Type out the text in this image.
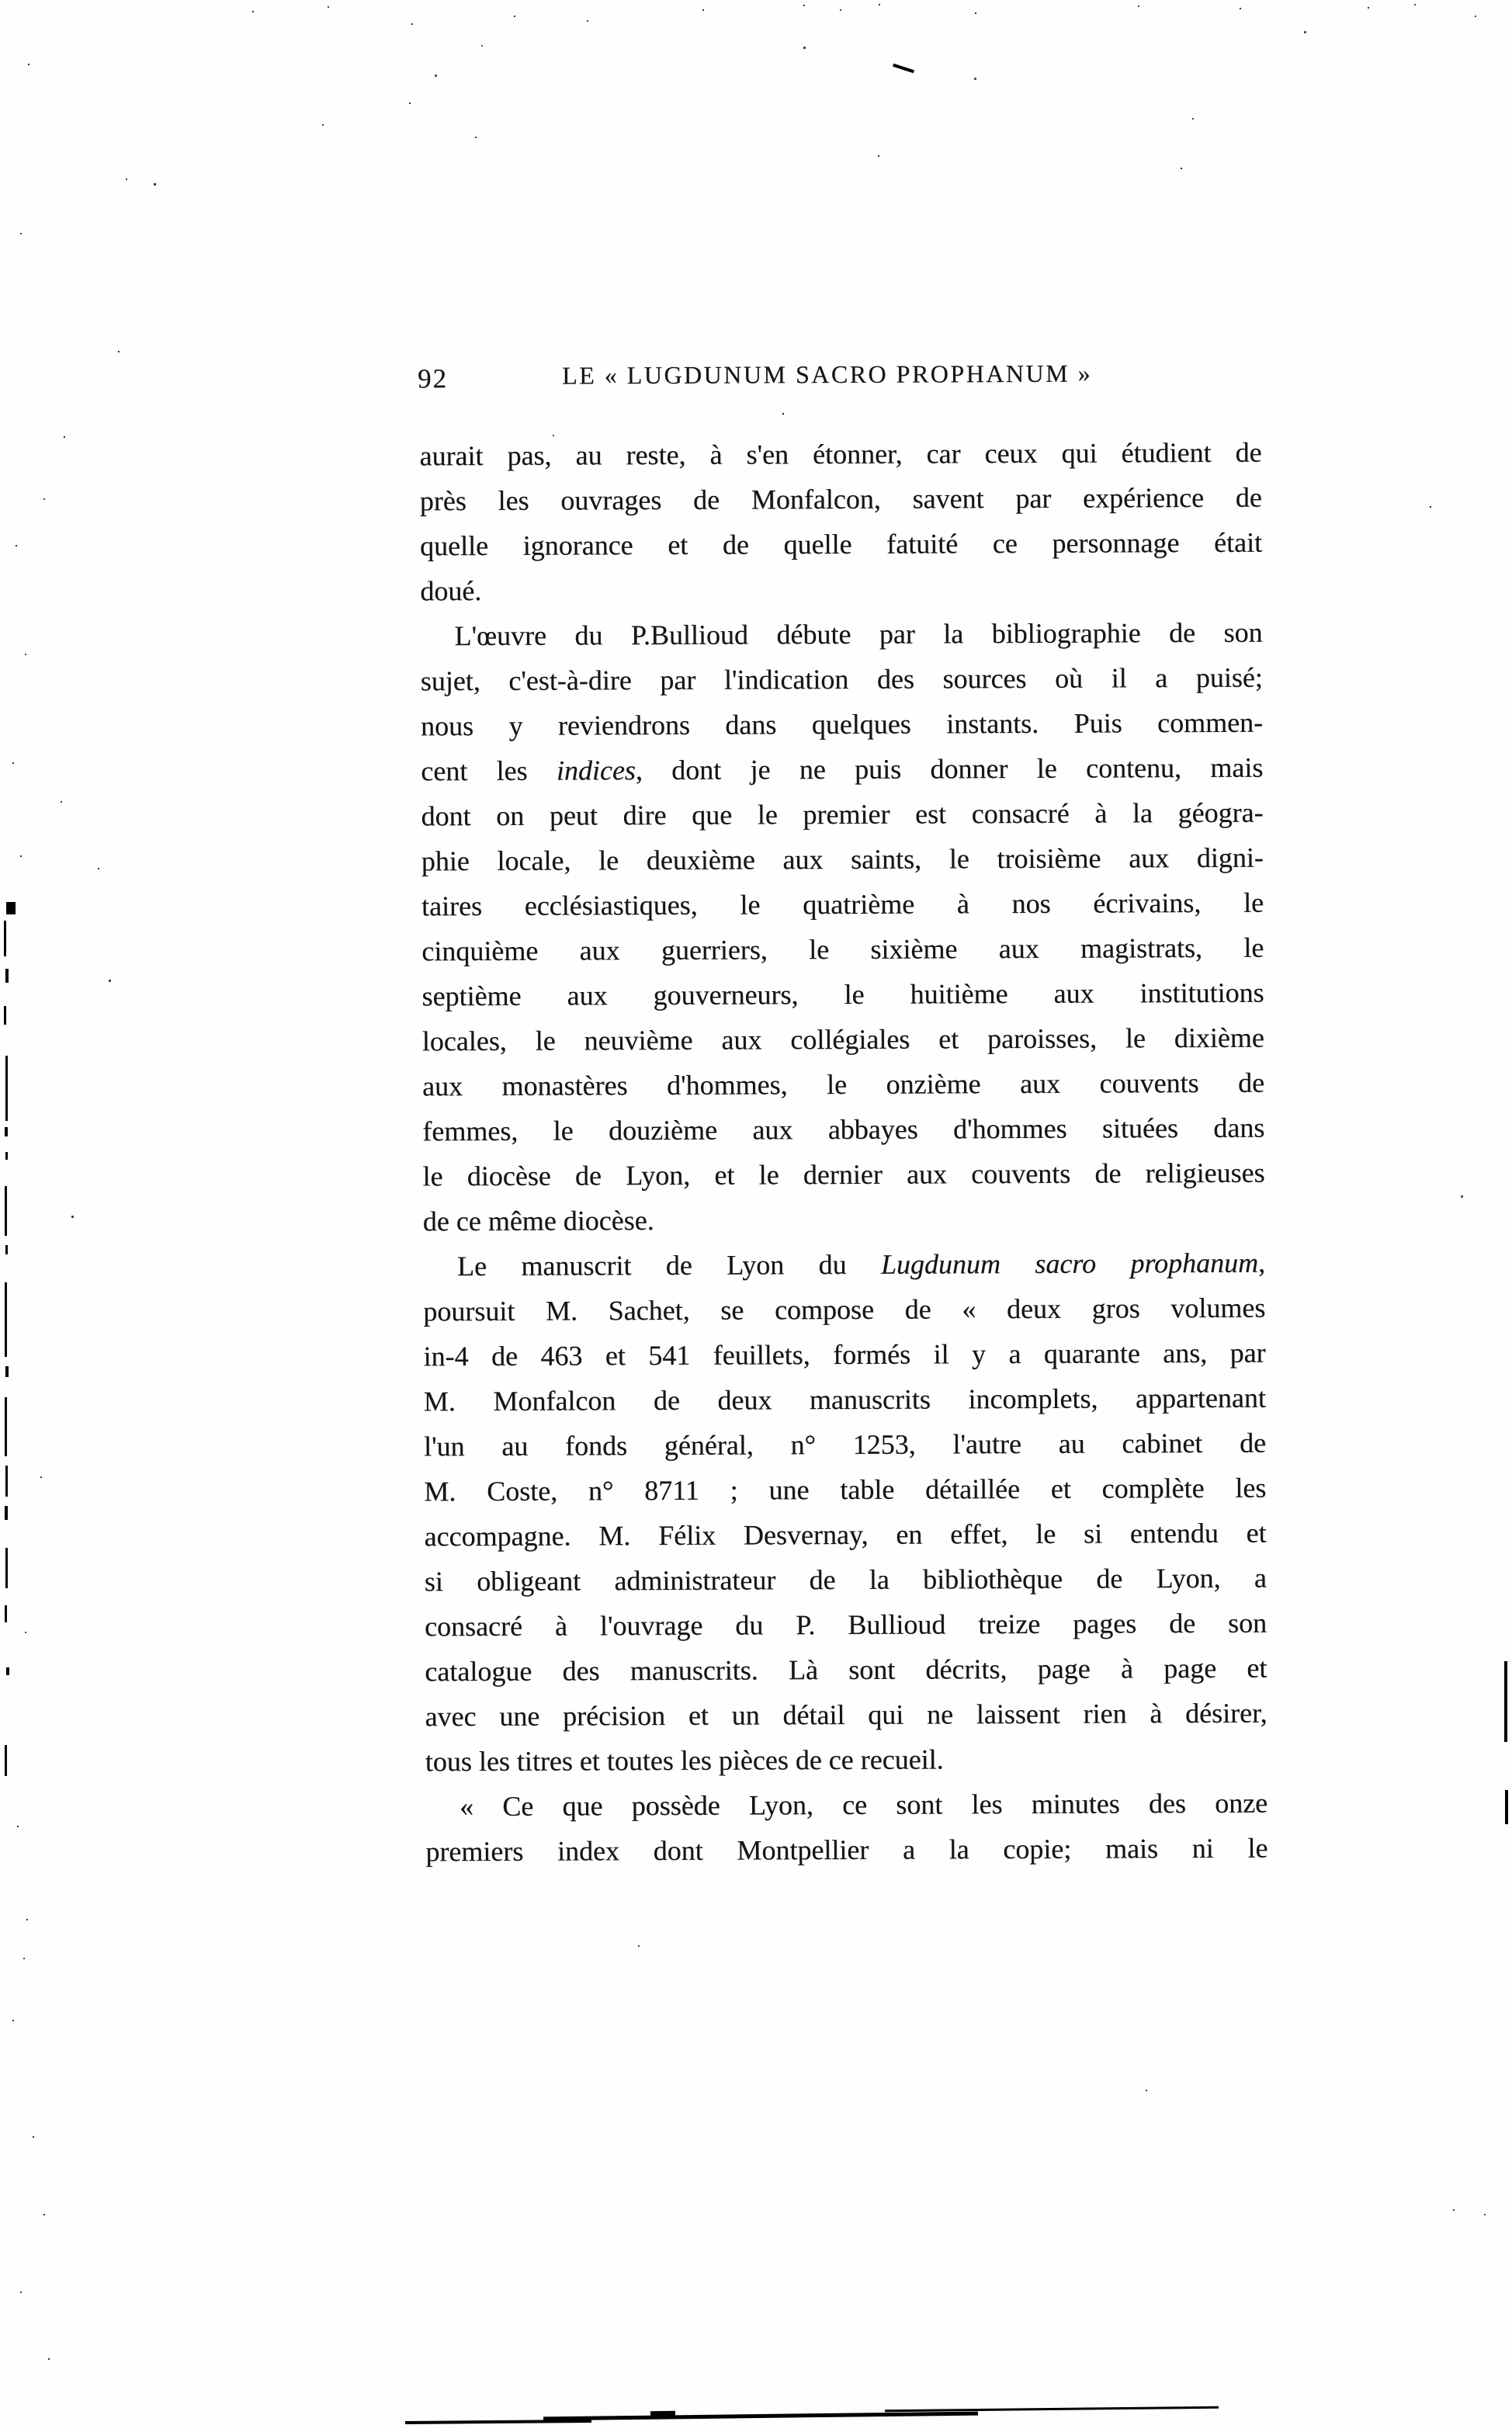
92	LE « LUGDUNUM SACRO PROPHANUM »
aurait pas, au reste, à s'en étonner, car ceux qui étudient de
près les ouvrages de Monfalcon, savent par expérience de
quelle ignorance et de quelle fatuité ce personnage était
doué.
L'œuvre du P.Bullioud débute par la bibliographie de son
sujet, c'est-à-dire par l'indication des sources où il a puisé;
nous y reviendrons dans quelques instants. Puis commen-
cent les indices, dont je ne puis donner le contenu, mais
dont on peut dire que le premier est consacré à la géogra-
phie locale, le deuxième aux saints, le troisième aux digni-
taires ecclésiastiques, le quatrième à nos écrivains, le
cinquième aux guerriers, le sixième aux magistrats, le
septième aux gouverneurs, le huitième aux institutions
locales, le neuvième aux collégiales et paroisses, le dixième
aux monastères d'hommes, le onzième aux couvents de
femmes, le douzième aux abbayes d'hommes situées dans
le diocèse de Lyon, et le dernier aux couvents de religieuses
de ce même diocèse.
Le manuscrit de Lyon du Lugdunum sacro prophanum,
poursuit M. Sachet, se compose de « deux gros volumes
in-4 de 463 et 541 feuillets, formés il y a quarante ans, par
M. Monfalcon de deux manuscrits incomplets, appartenant
l'un au fonds général, n° 1253, l'autre au cabinet de
M. Coste, n° 8711 ; une table détaillée et complète les
accompagne. M. Félix Desvernay, en effet, le si entendu et
si obligeant administrateur de la bibliothèque de Lyon, a
consacré à l'ouvrage du P. Bullioud treize pages de son
catalogue des manuscrits. Là sont décrits, page à page et
avec une précision et un détail qui ne laissent rien à désirer,
tous les titres et toutes les pièces de ce recueil.
« Ce que possède Lyon, ce sont les minutes des onze
premiers index dont Montpellier a la copie; mais ni le
